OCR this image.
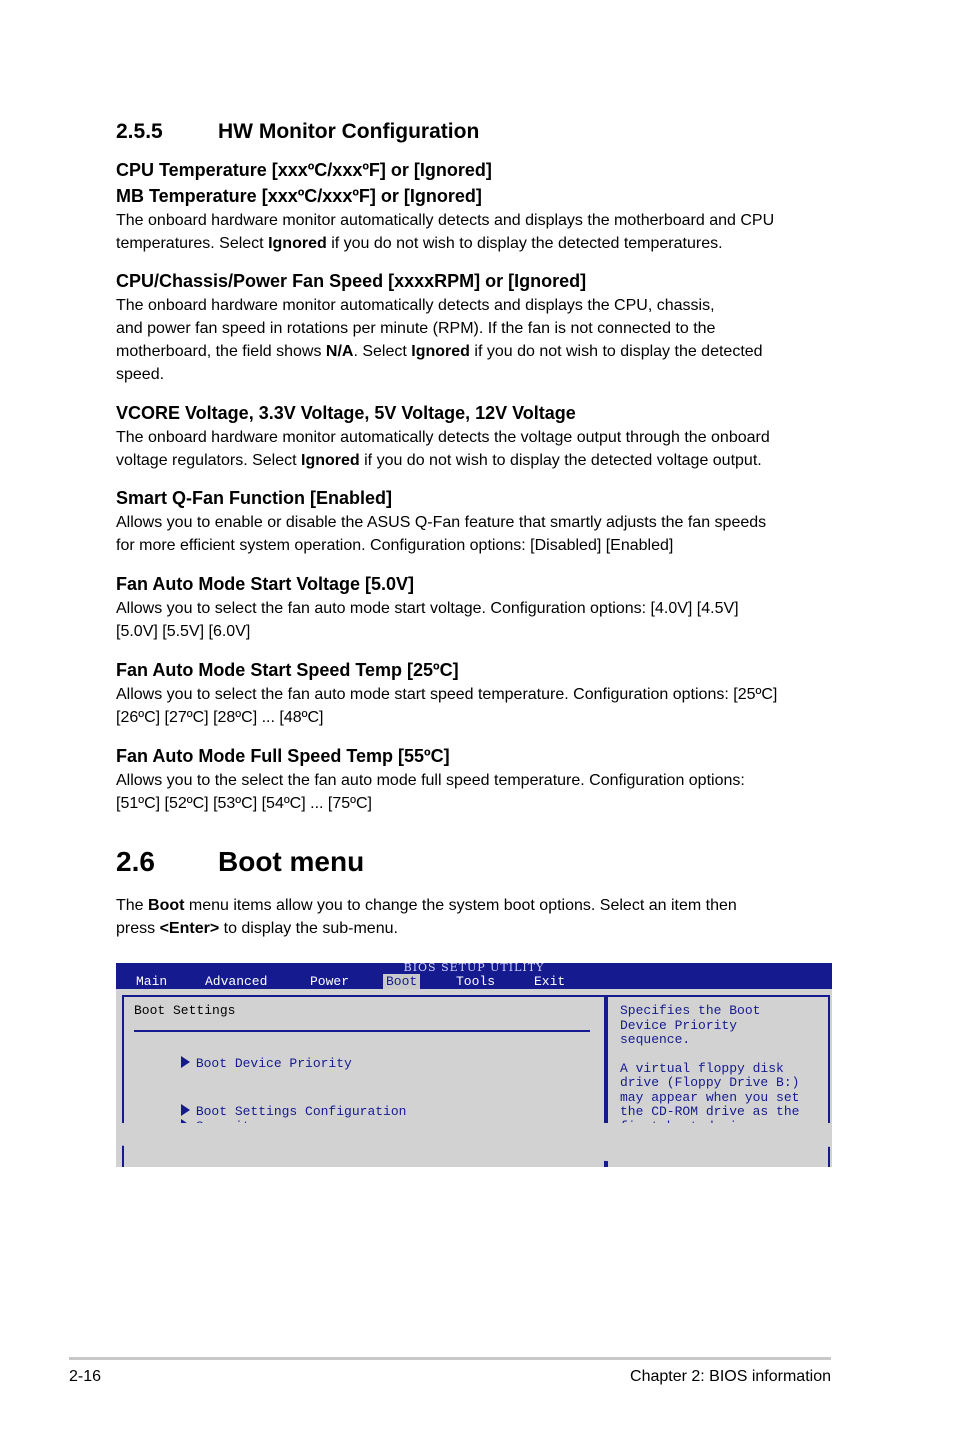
2.5.5	HW Monitor Configuration

CPU Temperature [xxxºC/xxxºF] or [Ignored]

MB Temperature [xxxºC/xxxºF] or [Ignored]

The onboard hardware monitor automatically detects and displays the motherboard and CPU
temperatures. Select Ignored if you do not wish to display the detected temperatures.

CPU/Chassis/Power Fan Speed [xxxxRPM] or [Ignored]

The onboard hardware monitor automatically detects and displays the CPU, chassis,
and power fan speed in rotations per minute (RPM). If the fan is not connected to the
motherboard, the field shows N/A. Select Ignored if you do not wish to display the detected
speed.

VCORE Voltage, 3.3V Voltage, 5V Voltage, 12V Voltage

The onboard hardware monitor automatically detects the voltage output through the onboard
voltage regulators. Select Ignored if you do not wish to display the detected voltage output.

Smart Q-Fan Function [Enabled]

Allows you to enable or disable the ASUS Q-Fan feature that smartly adjusts the fan speeds
for more efficient system operation. Configuration options: [Disabled] [Enabled]

Fan Auto Mode Start Voltage [5.0V]

Allows you to select the fan auto mode start voltage. Configuration options: [4.0V] [4.5V]
[5.0V] [5.5V] [6.0V]

Fan Auto Mode Start Speed Temp [25ºC]

Allows you to select the fan auto mode start speed temperature. Configuration options: [25ºC]
[26ºC] [27ºC] [28ºC] ... [48ºC]

Fan Auto Mode Full Speed Temp [55ºC]

Allows you to the select the fan auto mode full speed temperature. Configuration options:
[51ºC] [52ºC] [53ºC] [54ºC] ... [75ºC]

2.6 Boot menu

The Boot menu items allow you to change the system boot options. Select an item then
press <Enter> to display the sub-menu.

BIOS SETUP UTILITY
Main	Advanced	Power	Boot	Tools	Exit
Boot Settings

Boot Device Priority

Boot Settings Configuration

Specifies the Boot
Device Priority
sequence.
A virtual floppy disk
drive (Floppy Drive B:)
may appear when you set
the CD-ROM drive as the
2-16	Chapter 2: BIOS information
